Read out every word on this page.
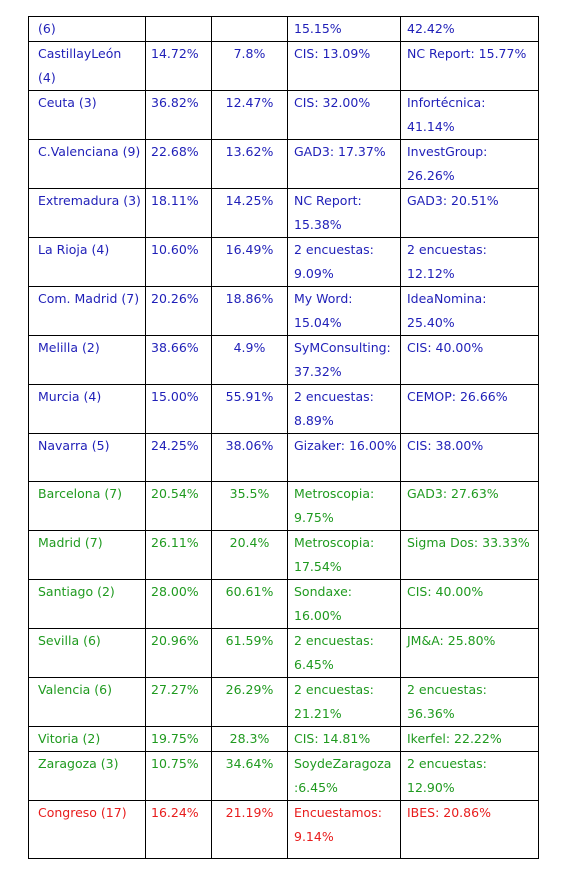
(6)			15.15%	42.42%
CastillayLeón (4)	14.72%	7.8%	CIS: 13.09%	NC Report: 15.77%
Ceuta (3)	36.82%	12.47%	CIS: 32.00%	Infortécnica: 41.14%
C.Valenciana (9)	22.68%	13.62%	GAD3: 17.37%	InvestGroup: 26.26%
Extremadura (3)	18.11%	14.25%	NC Report: 15.38%	GAD3: 20.51%
La Rioja (4)	10.60%	16.49%	2 encuestas: 9.09%	2 encuestas: 12.12%
Com. Madrid (7)	20.26%	18.86%	My Word: 15.04%	IdeaNomina: 25.40%
Melilla (2)	38.66%	4.9%	SyMConsulting: 37.32%	CIS: 40.00%
Murcia (4)	15.00%	55.91%	2 encuestas: 8.89%	CEMOP: 26.66%
Navarra (5)	24.25%	38.06%	Gizaker: 16.00%	CIS: 38.00%
Barcelona (7)	20.54%	35.5%	Metroscopia: 9.75%	GAD3: 27.63%
Madrid (7)	26.11%	20.4%	Metroscopia: 17.54%	Sigma Dos: 33.33%
Santiago (2)	28.00%	60.61%	Sondaxe: 16.00%	CIS: 40.00%
Sevilla (6)	20.96%	61.59%	2 encuestas: 6.45%	JM&A: 25.80%
Valencia (6)	27.27%	26.29%	2 encuestas: 21.21%	2 encuestas: 36.36%
Vitoria (2)	19.75%	28.3%	CIS: 14.81%	Ikerfel: 22.22%
Zaragoza (3)	10.75%	34.64%	SoydeZaragoza :6.45%	2 encuestas: 12.90%
Congreso (17)	16.24%	21.19%	Encuestamos: 9.14%	IBES: 20.86%
